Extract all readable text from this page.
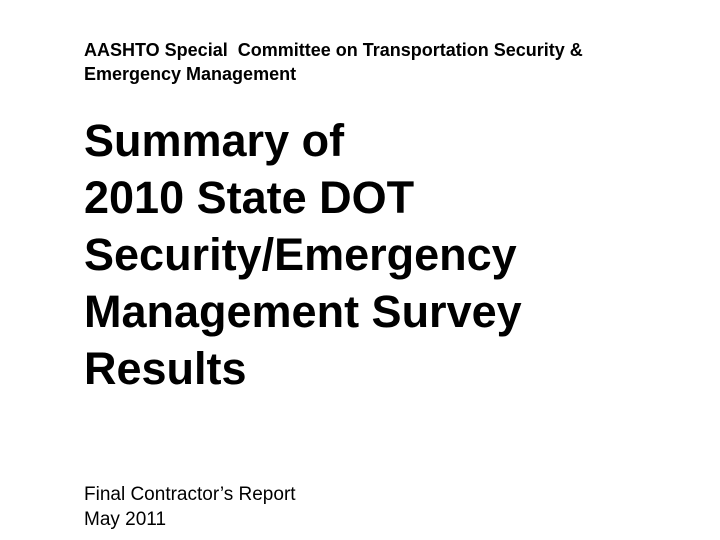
AASHTO Special  Committee on Transportation Security &
Emergency Management
Summary of
2010 State DOT
Security/Emergency
Management Survey
Results
Final Contractor’s Report
May 2011
